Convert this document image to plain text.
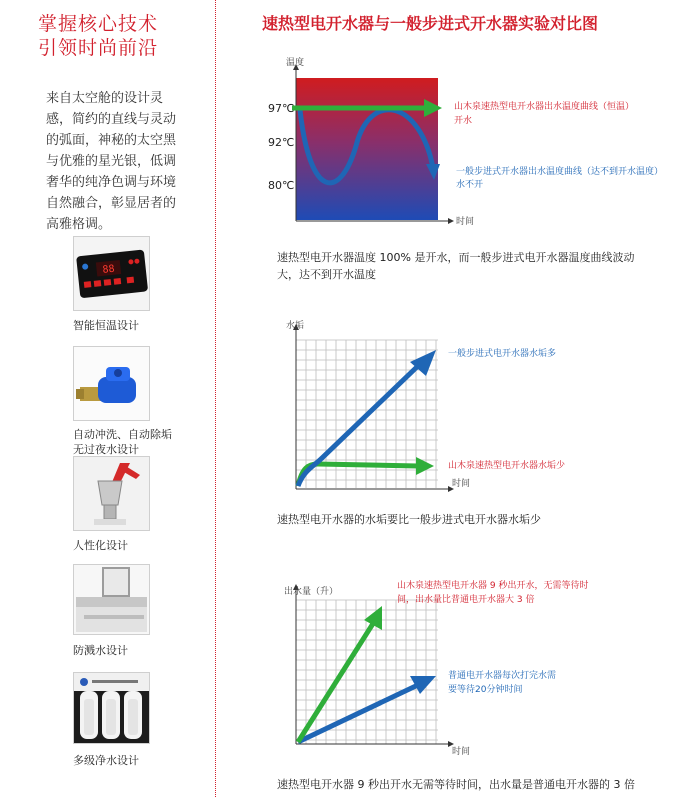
掌握核心技术
引领时尚前沿
来自太空舱的设计灵
感，简约的直线与灵动
的弧面，神秘的太空黑
与优雅的星光银，低调
奢华的纯净色调与环境
自然融合，彰显居者的
高雅格调。
88
智能恒温设计
自动冲洗、自动除垢
无过夜水设计
人性化设计
防溅水设计
多级净水设计
速热型电开水器与一般步进式开水器实验对比图
温度
时间
97℃
92℃
80℃
山木泉速热型电开水器出水温度曲线（恒温）
开水
一般步进式开水器出水温度曲线（达不到开水温度）
水不开
速热型电开水器温度 100% 是开水，而一般步进式电开水器温度曲线波动
大，达不到开水温度
水垢
时间
一般步进式电开水器水垢多
山木泉速热型电开水器水垢少
速热型电开水器的水垢要比一般步进式电开水器水垢少
出水量（升）
时间
山木泉速热型电开水器 9 秒出开水，无需等待时
间，出水量比普通电开水器大 3 倍
普通电开水器每次打完水需
要等待20分钟时间
速热型电开水器 9 秒出开水无需等待时间，出水量是普通电开水器的 3 倍
